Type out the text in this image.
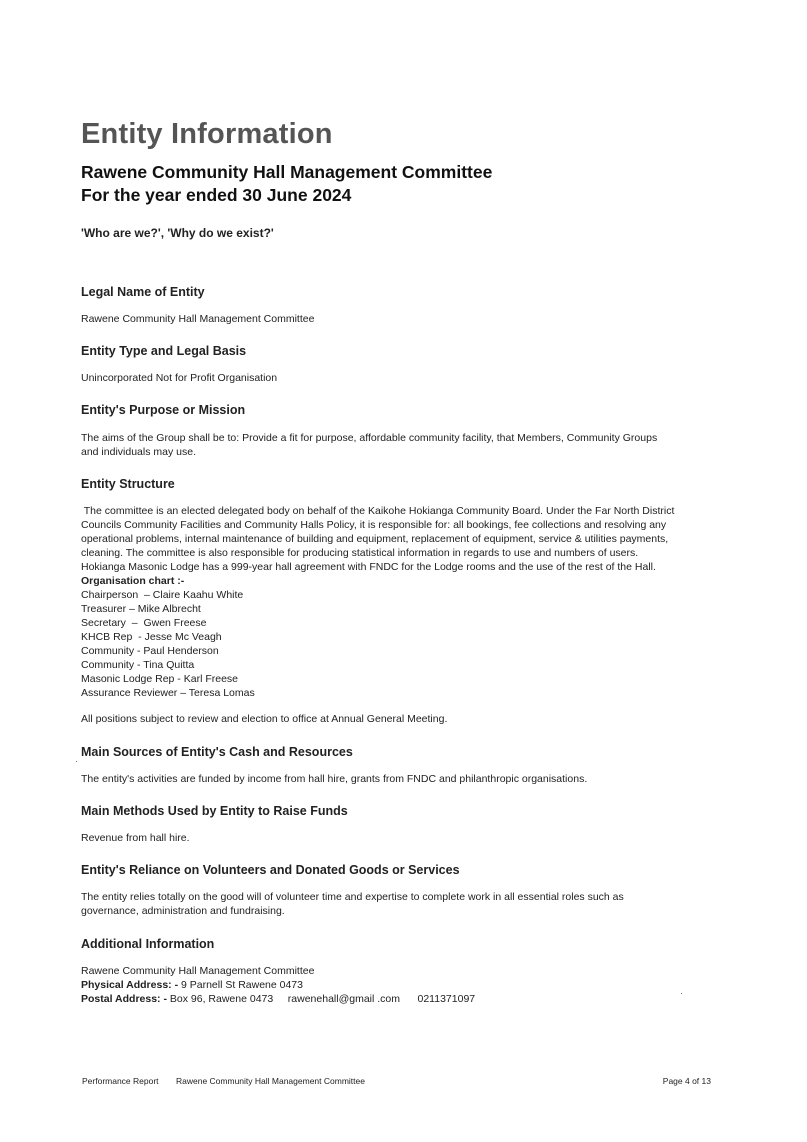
Entity Information
Rawene Community Hall Management Committee
For the year ended 30 June 2024
'Who are we?', 'Why do we exist?'
Legal Name of Entity

Rawene Community Hall Management Committee

Entity Type and Legal Basis

Unincorporated Not for Profit Organisation

Entity's Purpose or Mission
The aims of the Group shall be to: Provide a fit for purpose, affordable community facility, that Members, Community Groups
and individuals may use.
Entity Structure
The committee is an elected delegated body on behalf of the Kaikohe Hokianga Community Board. Under the Far North District
Councils Community Facilities and Community Halls Policy, it is responsible for: all bookings, fee collections and resolving any
operational problems, internal maintenance of building and equipment, replacement of equipment, service & utilities payments,
cleaning. The committee is also responsible for producing statistical information in regards to use and numbers of users.
Hokianga Masonic Lodge has a 999-year hall agreement with FNDC for the Lodge rooms and the use of the rest of the Hall.
Organisation chart :-
Chairperson  – Claire Kaahu White
Treasurer – Mike Albrecht
Secretary  –  Gwen Freese
KHCB Rep  - Jesse Mc Veagh
Community - Paul Henderson
Community - Tina Quitta
Masonic Lodge Rep - Karl Freese
Assurance Reviewer – Teresa Lomas

All positions subject to review and election to office at Annual General Meeting.

Main Sources of Entity's Cash and Resources

The entity's activities are funded by income from hall hire, grants from FNDC and philanthropic organisations.

Main Methods Used by Entity to Raise Funds

Revenue from hall hire.

Entity's Reliance on Volunteers and Donated Goods or Services
The entity relies totally on the good will of volunteer time and expertise to complete work in all essential roles such as
governance, administration and fundraising.
Additional Information
Rawene Community Hall Management Committee
Physical Address: - 9 Parnell St Rawene 0473
Postal Address: - Box 96, Rawene 0473     rawenehall@gmail .com      0211371097
Performance Report Rawene Community Hall Management Committee	Page 4 of 13
